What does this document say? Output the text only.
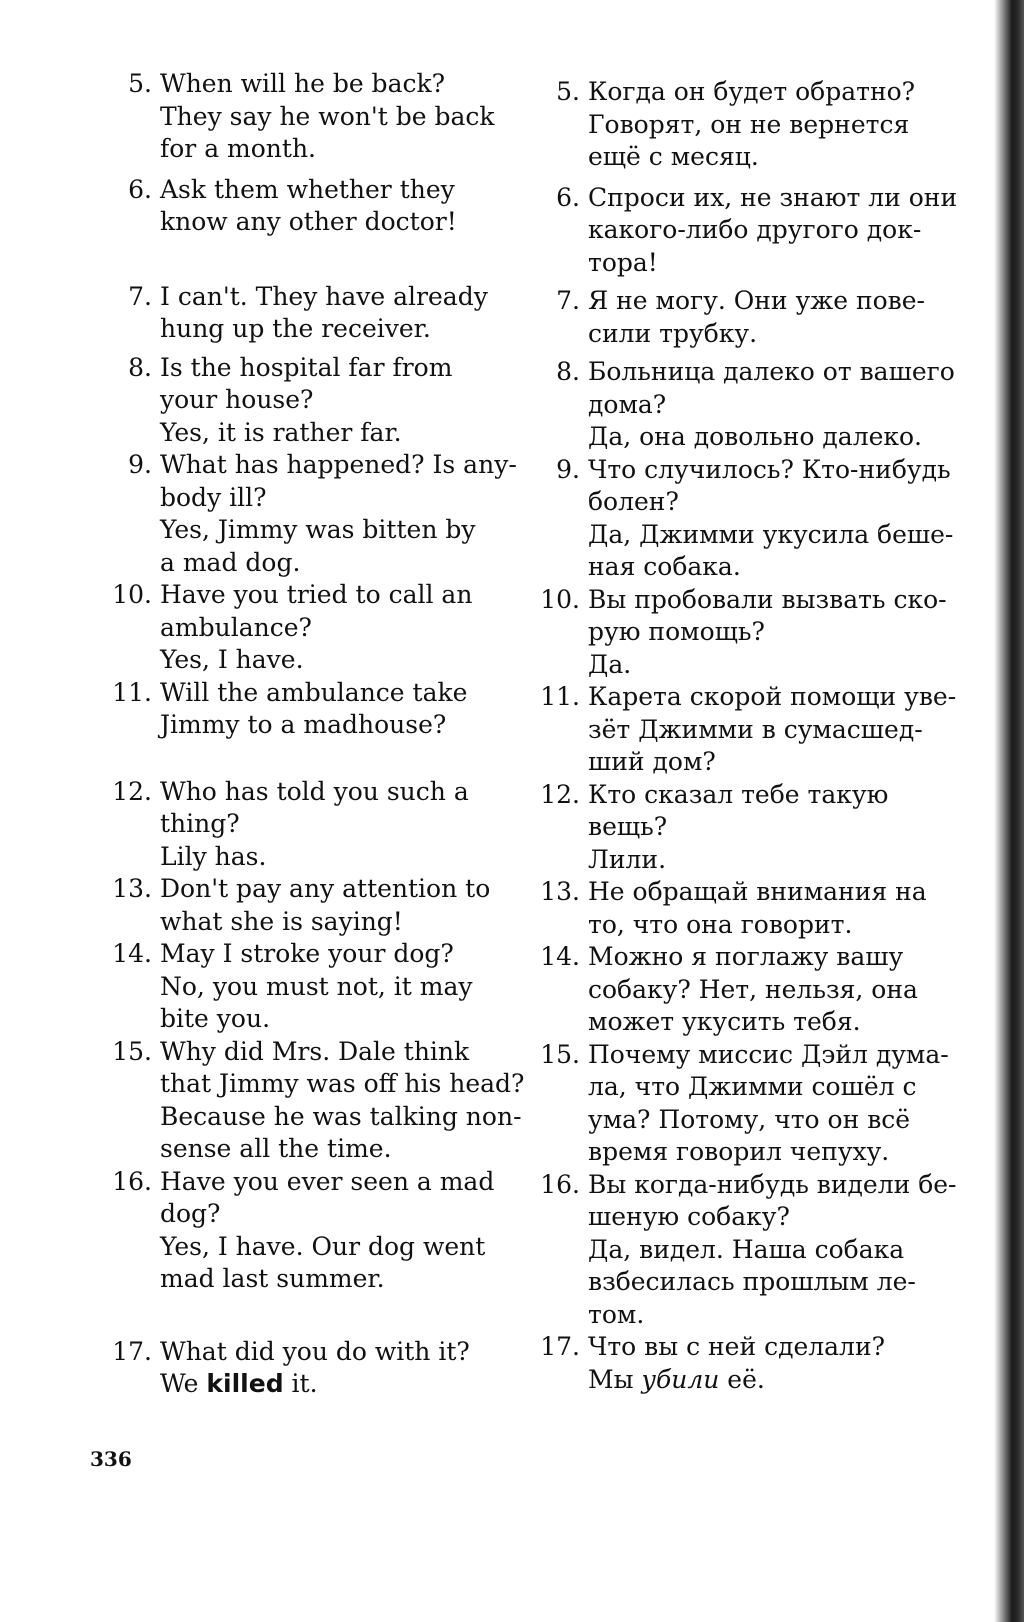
5. When will he be back?
They say he won't be back
for a month.
6. Ask them whether they
know any other doctor!
7. I can't. They have already
hung up the receiver.
8. Is the hospital far from
your house?
Yes, it is rather far.
9. What has happened? Is any-
body ill?
Yes, Jimmy was bitten by
a mad dog.
10. Have you tried to call an
ambulance?
Yes, I have.
11. Will the ambulance take
Jimmy to a madhouse?
12. Who has told you such a
thing?
Lily has.
13. Don't pay any attention to
what she is saying!
14. May I stroke your dog?
No, you must not, it may
bite you.
15. Why did Mrs. Dale think
that Jimmy was off his head?
Because he was talking non-
sense all the time.
16. Have you ever seen a mad
dog?
Yes, I have. Our dog went
mad last summer.
17. What did you do with it?
We killed it.
5. Когда он будет обратно?
Говорят, он не вернется
ещё с месяц.
6. Спроси их, не знают ли они
какого-либо другого док-
тора!
7. Я не могу. Они уже пове-
сили трубку.
8. Больница далеко от вашего
дома?
Да, она довольно далеко.
9. Что случилось? Кто-нибудь
болен?
Да, Джимми укусила беше-
ная собака.
10. Вы пробовали вызвать ско-
рую помощь?
Да.
11. Карета скорой помощи уве-
зёт Джимми в сумасшед-
ший дом?
12. Кто сказал тебе такую
вещь?
Лили.
13. Не обращай внимания на
то, что она говорит.
14. Можно я поглажу вашу
собаку? Нет, нельзя, она
может укусить тебя.
15. Почему миссис Дэйл дума-
ла, что Джимми сошёл с
ума? Потому, что он всё
время говорил чепуху.
16. Вы когда-нибудь видели бе-
шеную собаку?
Да, видел. Наша собака
взбесилась прошлым ле-
том.
17. Что вы с ней сделали?
Мы убили её.
336
